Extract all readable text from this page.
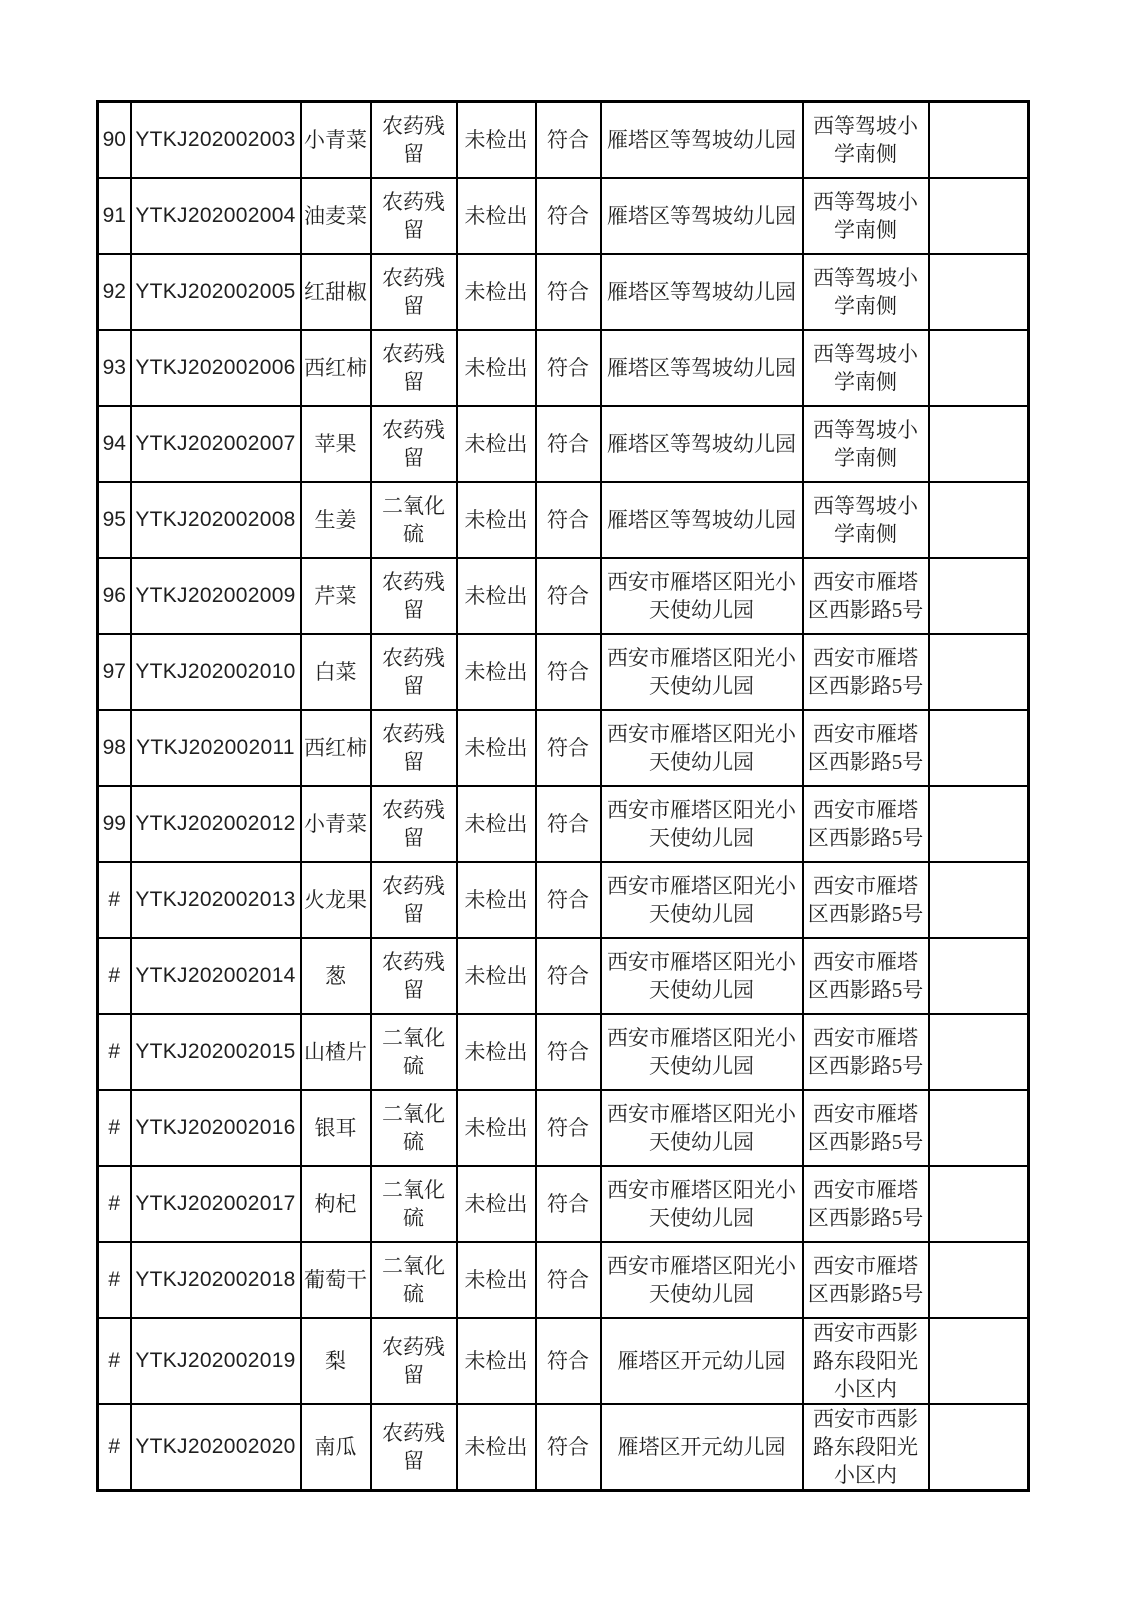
90	YTKJ202002003	小青菜	农药残留	未检出	符合	雁塔区等驾坡幼儿园	西等驾坡小学南侧	
91	YTKJ202002004	油麦菜	农药残留	未检出	符合	雁塔区等驾坡幼儿园	西等驾坡小学南侧	
92	YTKJ202002005	红甜椒	农药残留	未检出	符合	雁塔区等驾坡幼儿园	西等驾坡小学南侧	
93	YTKJ202002006	西红柿	农药残留	未检出	符合	雁塔区等驾坡幼儿园	西等驾坡小学南侧	
94	YTKJ202002007	苹果	农药残留	未检出	符合	雁塔区等驾坡幼儿园	西等驾坡小学南侧	
95	YTKJ202002008	生姜	二氧化硫	未检出	符合	雁塔区等驾坡幼儿园	西等驾坡小学南侧	
96	YTKJ202002009	芹菜	农药残留	未检出	符合	西安市雁塔区阳光小天使幼儿园	西安市雁塔区西影路5号	
97	YTKJ202002010	白菜	农药残留	未检出	符合	西安市雁塔区阳光小天使幼儿园	西安市雁塔区西影路5号	
98	YTKJ202002011	西红柿	农药残留	未检出	符合	西安市雁塔区阳光小天使幼儿园	西安市雁塔区西影路5号	
99	YTKJ202002012	小青菜	农药残留	未检出	符合	西安市雁塔区阳光小天使幼儿园	西安市雁塔区西影路5号	
#	YTKJ202002013	火龙果	农药残留	未检出	符合	西安市雁塔区阳光小天使幼儿园	西安市雁塔区西影路5号	
#	YTKJ202002014	葱	农药残留	未检出	符合	西安市雁塔区阳光小天使幼儿园	西安市雁塔区西影路5号	
#	YTKJ202002015	山楂片	二氧化硫	未检出	符合	西安市雁塔区阳光小天使幼儿园	西安市雁塔区西影路5号	
#	YTKJ202002016	银耳	二氧化硫	未检出	符合	西安市雁塔区阳光小天使幼儿园	西安市雁塔区西影路5号	
#	YTKJ202002017	枸杞	二氧化硫	未检出	符合	西安市雁塔区阳光小天使幼儿园	西安市雁塔区西影路5号	
#	YTKJ202002018	葡萄干	二氧化硫	未检出	符合	西安市雁塔区阳光小天使幼儿园	西安市雁塔区西影路5号	
#	YTKJ202002019	梨	农药残留	未检出	符合	雁塔区开元幼儿园	西安市西影路东段阳光小区内	
#	YTKJ202002020	南瓜	农药残留	未检出	符合	雁塔区开元幼儿园	西安市西影路东段阳光小区内	
